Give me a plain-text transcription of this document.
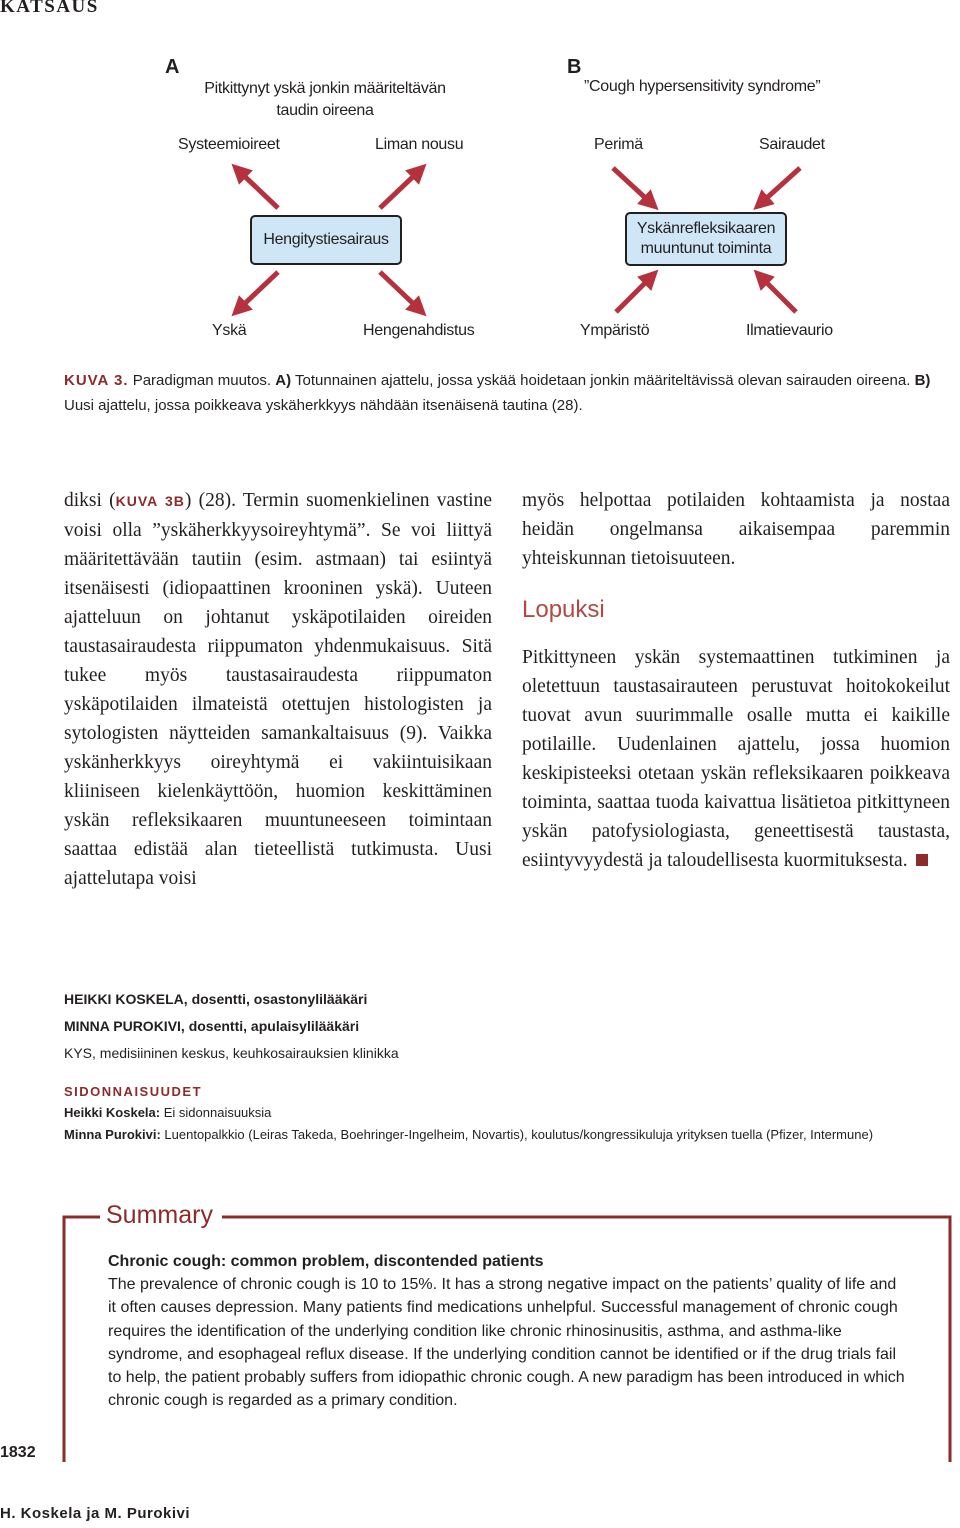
KATSAUS
A
Pitkittynyt yskä jonkin määriteltävän
taudin oireena
Systeemioireet	Liman nousu
Hengitystiesairaus
Yskä	Hengenahdistus
B
”Cough hypersensitivity syndrome”
Perimä	Sairaudet
Yskänrefleksikaaren
muuntunut toiminta
Ympäristö	Ilmatievaurio
KUVA 3. Paradigman muutos. A) Totunnainen ajattelu, jossa yskää hoidetaan jonkin määriteltävissä olevan sairauden oireena. B) Uusi ajattelu, jossa poikkeava yskäherkkyys nähdään itsenäisenä tautina (28).
diksi (KUVA 3B) (28). Termin suomenkielinen vastine voisi olla ”yskäherkkyysoireyhtymä”. Se voi liittyä määritettävään tautiin (esim. astmaan) tai esiintyä itsenäisesti (idiopaattinen krooninen yskä). Uuteen ajatteluun on johtanut yskäpotilaiden oireiden taustasairaudesta riippumaton yhdenmukaisuus. Sitä tukee myös taustasairaudesta riippumaton yskäpotilaiden ilmateistä otettujen histologisten ja sytologisten näytteiden samankaltaisuus (9). Vaikka yskänherkkyys oireyhtymä ei vakiintuisikaan kliiniseen kielenkäyttöön, huomion keskittäminen yskän refleksikaaren muuntuneeseen toimintaan saattaa edistää alan tieteellistä tutkimusta. Uusi ajattelutapa voisi
myös helpottaa potilaiden kohtaamista ja nostaa heidän ongelmansa aikaisempaa paremmin yhteiskunnan tietoisuuteen.
Lopuksi
Pitkittyneen yskän systemaattinen tutkiminen ja oletettuun taustasairauteen perustuvat hoitokokeilut tuovat avun suurimmalle osalle mutta ei kaikille potilaille. Uudenlainen ajattelu, jossa huomion keskipisteeksi otetaan yskän refleksikaaren poikkeava toiminta, saattaa tuoda kaivattua lisätietoa pitkittyneen yskän patofysiologiasta, geneettisestä taustasta, esiintyvyydestä ja taloudellisesta kuormituksesta.
HEIKKI KOSKELA, dosentti, osastonylilääkäri
MINNA PUROKIVI, dosentti, apulaisylilääkäri
KYS, medisiininen keskus, keuhkosairauksien klinikka
SIDONNAISUUDET
Heikki Koskela: Ei sidonnaisuuksia
Minna Purokivi: Luentopalkkio (Leiras Takeda, Boehringer-Ingelheim, Novartis), koulutus/kongressikuluja yrityksen tuella (Pfizer, Intermune)
Summary
Chronic cough: common problem, discontended patients
The prevalence of chronic cough is 10 to 15%. It has a strong negative impact on the patients’ quality of life and it often causes depression. Many patients find medications unhelpful. Successful management of chronic cough requires the identification of the underlying condition like chronic rhinosinusitis, asthma, and asthma-like syndrome, and esophageal reflux disease. If the underlying condition cannot be identified or if the drug trials fail to help, the patient probably suffers from idiopathic chronic cough. A new paradigm has been introduced in which chronic cough is regarded as a primary condition.
1832
H. Koskela ja M. Purokivi
